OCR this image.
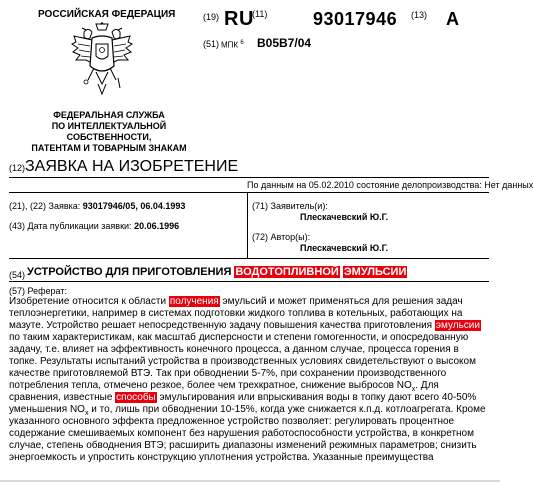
РОССИЙСКАЯ ФЕДЕРАЦИЯ
ФЕДЕРАЛЬНАЯ СЛУЖБА
ПО ИНТЕЛЛЕКТУАЛЬНОЙ СОБСТВЕННОСТИ,
ПАТЕНТАМ И ТОВАРНЫМ ЗНАКАМ
(19) RU
(11)	93017946 (13) A
(51) МПК $^6$ B05B7/04
(12) ЗАЯВКА НА ИЗОБРЕТЕНИЕ
По данным на 05.02.2010 состояние делопроизводства: Нет данных
(21), (22) Заявка: 93017946/05, 06.04.1993
(43) Дата публикации заявки: 20.06.1996
(71) Заявитель(и):
Плескачевский Ю.Г.
(72) Автор(ы):
Плескачевский Ю.Г.
(54) УСТРОЙСТВО ДЛЯ ПРИГОТОВЛЕНИЯ ВОДОТОПЛИВНОЙ ЭМУЛЬСИИ
(57) Реферат:
Изобретение относится к области получения эмульсий и может применяться для решения задач
теплоэнергетики, например в системах подготовки жидкого топлива в котельных, работающих на
мазуте. Устройство решает непосредственную задачу повышения качества приготовления эмульсии
по таким характеристикам, как масштаб дисперсности и степени гомогенности, и опосредованную
задачу, т.е. влияет на эффективность конечного процесса, а данном случае, процесса горения в
топке. Результаты испытаний устройства в производственных условиях свидетельствуют о высоком
качестве приготовляемой ВТЭ. Так при обводнении 5-7%, при сохранении производственного
потребления тепла, отмечено резкое, более чем трехкратное, снижение выбросов $NO_x$. Для
сравнения, известные способы эмульгирования или впрыскивания воды в топку дают всего 40-50%
уменьшения $NO_x$ и то, лишь при обводнении 10-15%, когда уже снижается к.п.д. котлоагрегата. Кроме
указанного основного эффекта предложенное устройство позволяет: регулировать процентное
содержание смешиваемых компонент без нарушения работоспособности устройства, в конкретном
случае, степень обводнения ВТЭ; расширить диапазоны изменений режимных параметров; снизить
энергоемкость и упростить конструкцию уплотнения устройства. Указанные преимущества
